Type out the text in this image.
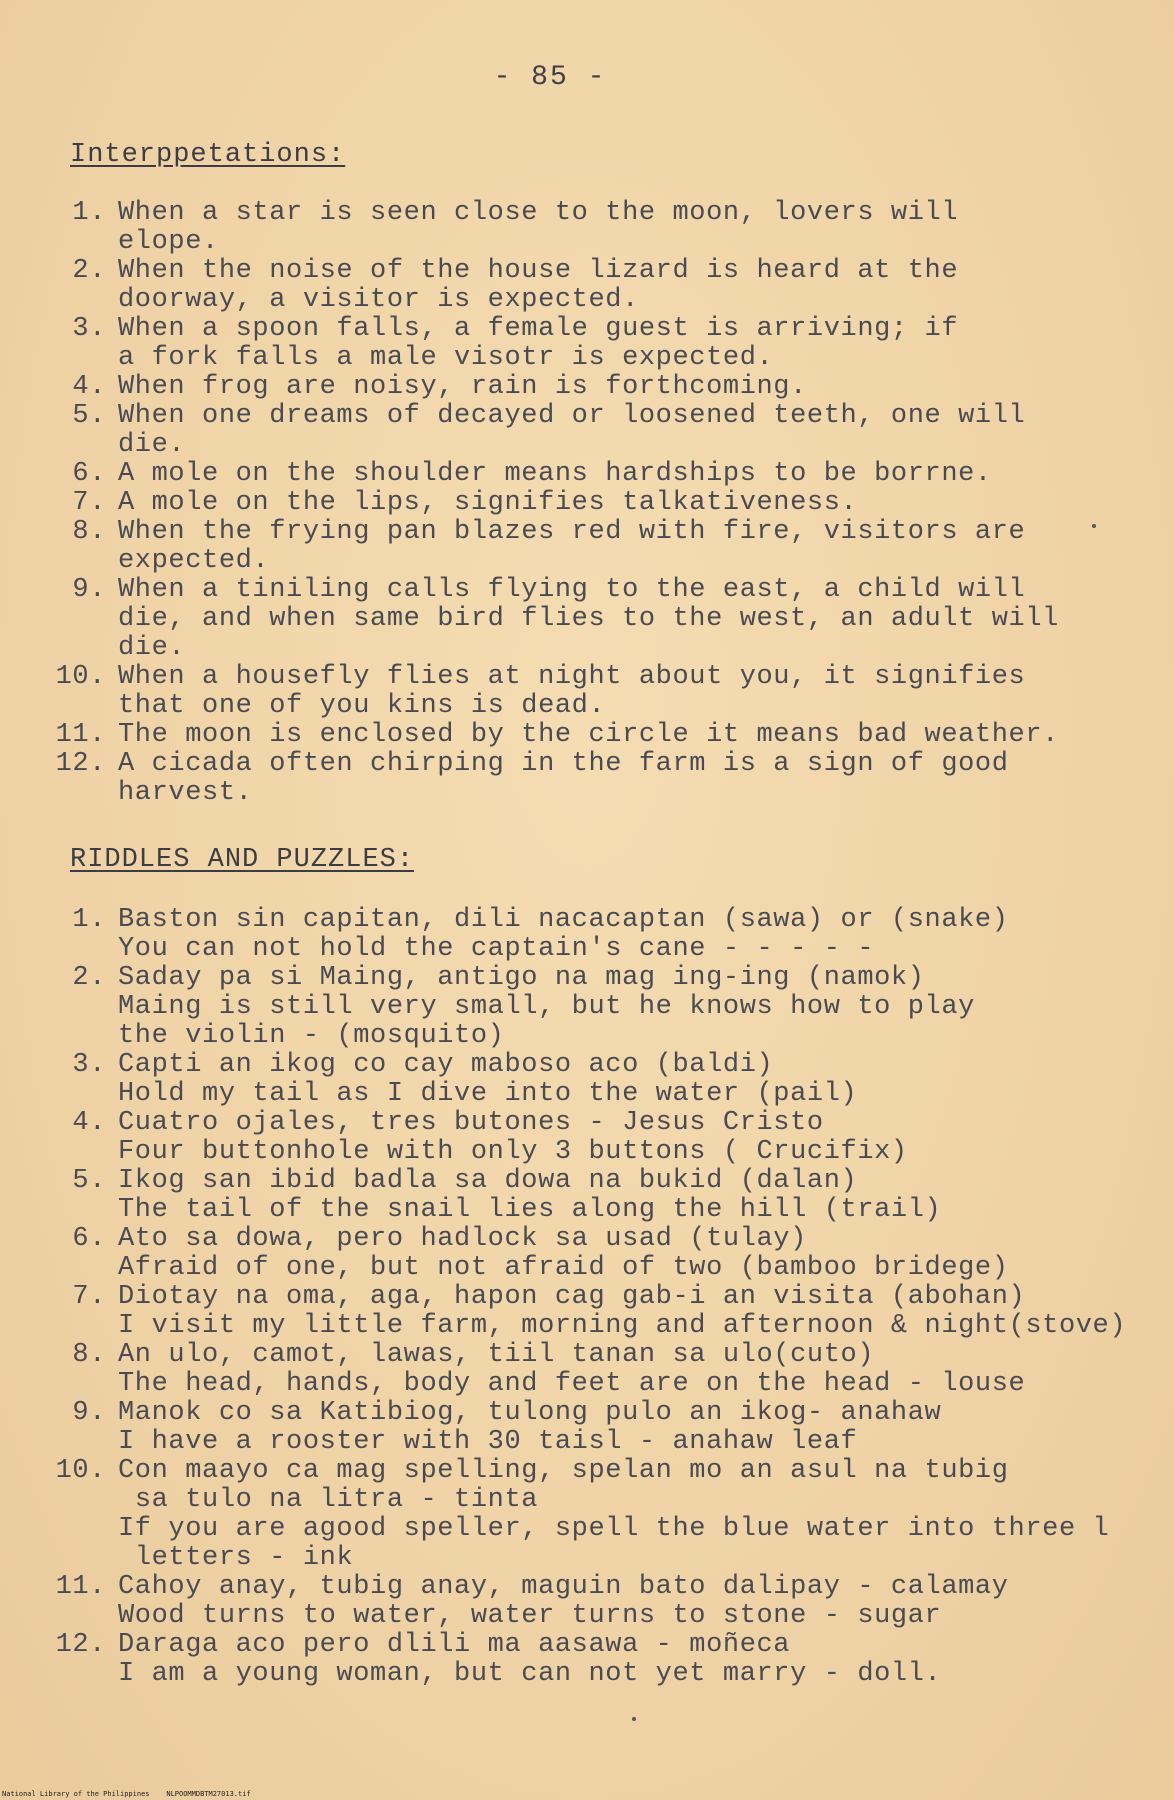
- 85 -
Interppetations:
1. When a star is seen close to the moon, lovers will
elope.
2. When the noise of the house lizard is heard at the
doorway, a visitor is expected.
3. When a spoon falls, a female guest is arriving; if
a fork falls a male visotr is expected.
4. When frog are noisy, rain is forthcoming.
5. When one dreams of decayed or loosened teeth, one will
die.
6. A mole on the shoulder means hardships to be borrne.
7. A mole on the lips, signifies talkativeness.
8. When the frying pan blazes red with fire, visitors are
expected.
9. When a tiniling calls flying to the east, a child will
die, and when same bird flies to the west, an adult will
die.
10. When a housefly flies at night about you, it signifies
that one of you kins is dead.
11. The moon is enclosed by the circle it means bad weather.
12. A cicada often chirping in the farm is a sign of good
harvest.
RIDDLES AND PUZZLES:
1. Baston sin capitan, dili nacacaptan (sawa) or (snake)
You can not hold the captain's cane - - - - -
2. Saday pa si Maing, antigo na mag ing-ing (namok)
Maing is still very small, but he knows how to play
the violin - (mosquito)
3. Capti an ikog co cay maboso aco (baldi)
Hold my tail as I dive into the water (pail)
4. Cuatro ojales, tres butones - Jesus Cristo
Four buttonhole with only 3 buttons ( Crucifix)
5. Ikog san ibid badla sa dowa na bukid (dalan)
The tail of the snail lies along the hill (trail)
6. Ato sa dowa, pero hadlock sa usad (tulay)
Afraid of one, but not afraid of two (bamboo bridege)
7. Diotay na oma, aga, hapon cag gab-i an visita (abohan)
I visit my little farm, morning and afternoon & night(stove)
8. An ulo, camot, lawas, tiil tanan sa ulo(cuto)
The head, hands, body and feet are on the head - louse
9. Manok co sa Katibiog, tulong pulo an ikog- anahaw
I have a rooster with 30 taisl - anahaw leaf
10. Con maayo ca mag spelling, spelan mo an asul na tubig
sa tulo na litra - tinta
If you are agood speller, spell the blue water into three l
letters - ink
11. Cahoy anay, tubig anay, maguin bato dalipay - calamay
Wood turns to water, water turns to stone - sugar
12. Daraga aco pero dlili ma aasawa - moñeca
I am a young woman, but can not yet marry - doll.
National Library of the Philippines    NLPOOMMDBTM27013.tif
